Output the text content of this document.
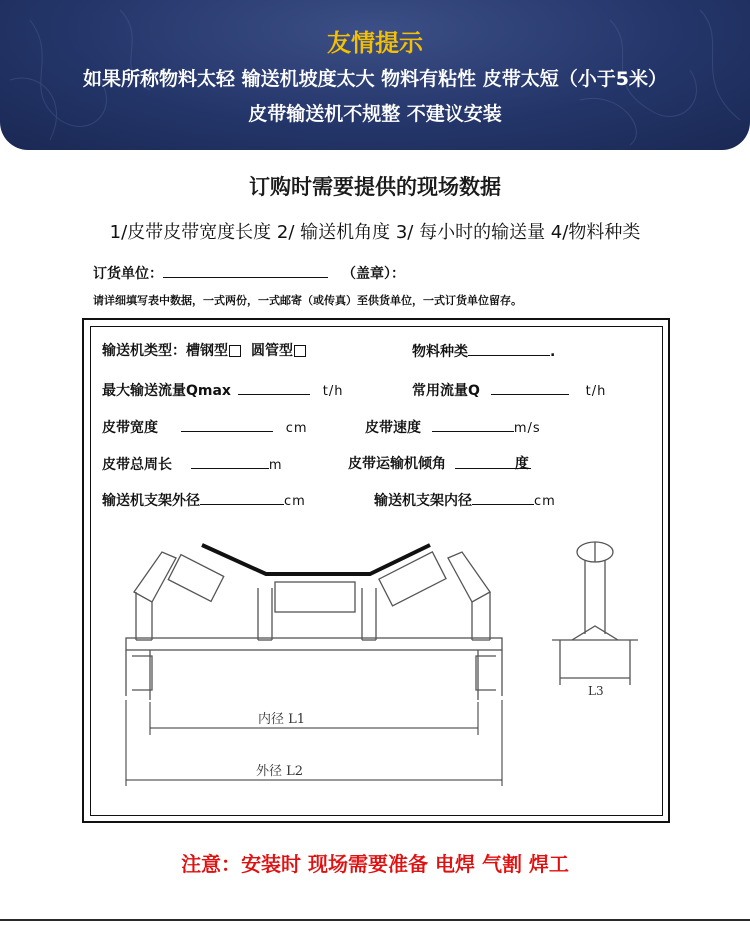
友情提示
如果所称物料太轻 输送机坡度太大 物料有粘性 皮带太短（小于5米）
皮带输送机不规整 不建议安装
订购时需要提供的现场数据
1/皮带皮带宽度长度 2/ 输送机角度 3/ 每小时的输送量 4/物料种类
订货单位：	（盖章）：
请详细填写表中数据，一式两份，一式邮寄（或传真）至供货单位，一式订货单位留存。
输送机类型：槽钢型 圆管型	物料种类	.
最大输送流量Qmax	t/h	常用流量Q	t/h
皮带宽度	cm	皮带速度	m/s
皮带总周长	m	皮带运输机倾角	度
输送机支架外径	cm	输送机支架内径	cm
内径 L1
外径 L2
L3
注意：安装时 现场需要准备 电焊 气割 焊工
